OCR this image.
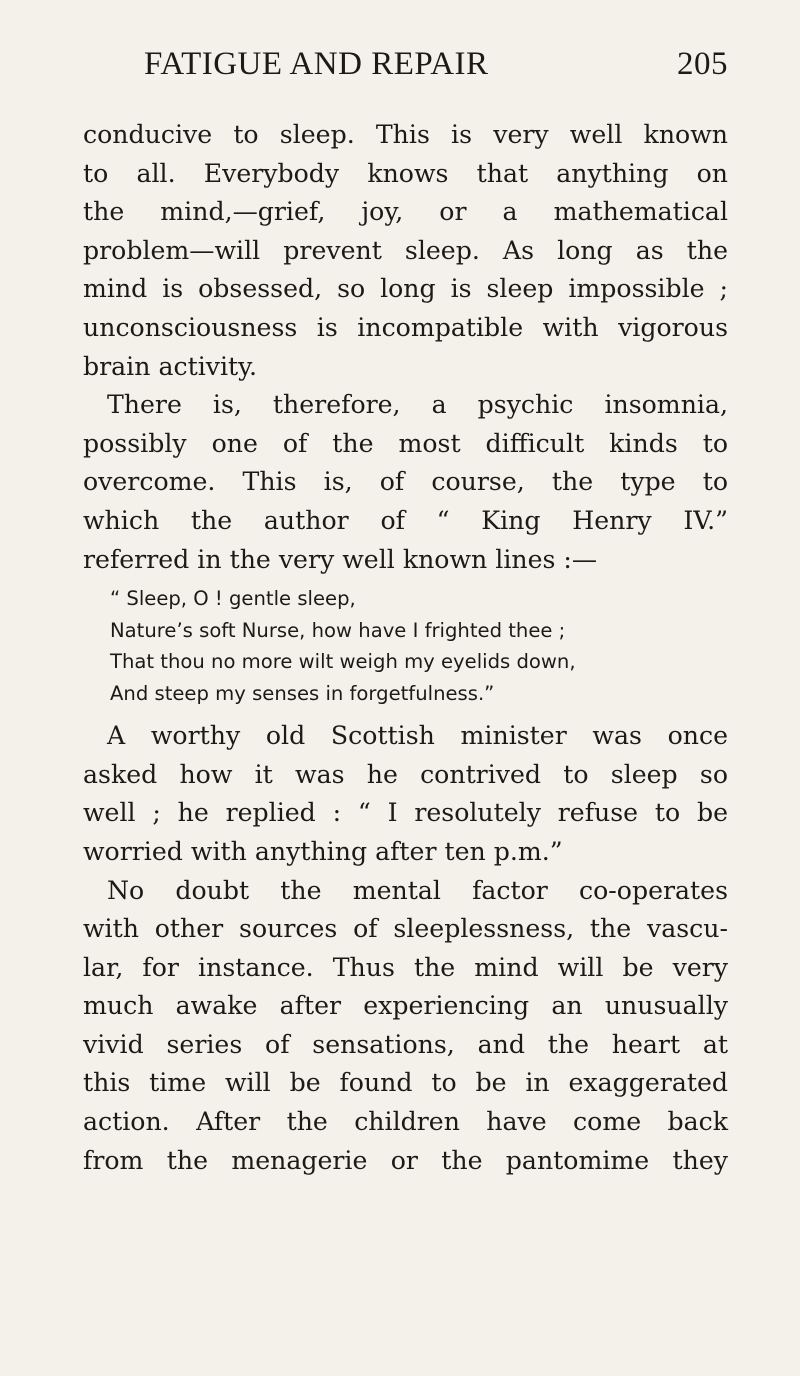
FATIGUE AND REPAIR	205

conducive to sleep. This is very well known
to all. Everybody knows that anything on
the mind,—grief, joy, or a mathematical
problem—will prevent sleep. As long as the
mind is obsessed, so long is sleep impossible ;
unconsciousness is incompatible with vigorous
brain activity.

There is, therefore, a psychic insomnia,
possibly one of the most difficult kinds to
overcome. This is, of course, the type to
which the author of “ King Henry IV.”
referred in the very well known lines :—

“ Sleep, O ! gentle sleep,
Nature’s soft Nurse, how have I frighted thee ;
That thou no more wilt weigh my eyelids down,
And steep my senses in forgetfulness.”

A worthy old Scottish minister was once
asked how it was he contrived to sleep so
well ; he replied : “ I resolutely refuse to be
worried with anything after ten p.m.”

No doubt the mental factor co-operates
with other sources of sleeplessness, the vascu-
lar, for instance. Thus the mind will be very
much awake after experiencing an unusually
vivid series of sensations, and the heart at
this time will be found to be in exaggerated
action. After the children have come back
from the menagerie or the pantomime they
